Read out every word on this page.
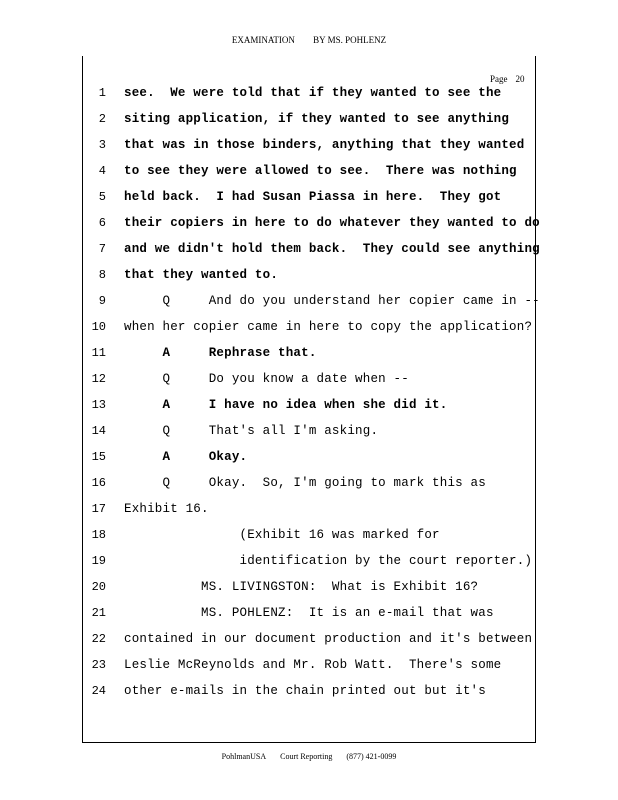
EXAMINATION BY MS. POHLENZ
Page 20
1 see.  We were told that if they wanted to see the
2 siting application, if they wanted to see anything
3 that was in those binders, anything that they wanted
4 to see they were allowed to see.  There was nothing
5 held back.  I had Susan Piassa in here.  They got
6 their copiers in here to do whatever they wanted to do
7 and we didn't hold them back.  They could see anything
8 that they wanted to.
9 Q     And do you understand her copier came in --
10 when her copier came in here to copy the application?
11 A     Rephrase that.
12 Q     Do you know a date when --
13 A     I have no idea when she did it.
14 Q     That's all I'm asking.
15 A     Okay.
16 Q     Okay.  So, I'm going to mark this as
17 Exhibit 16.
18 (Exhibit 16 was marked for
19 identification by the court reporter.)
20 MS. LIVINGSTON:  What is Exhibit 16?
21 MS. POHLENZ:  It is an e-mail that was
22 contained in our document production and it's between
23 Leslie McReynolds and Mr. Rob Watt.  There's some
24 other e-mails in the chain printed out but it's
PohlmanUSA Court Reporting (877) 421-0099
